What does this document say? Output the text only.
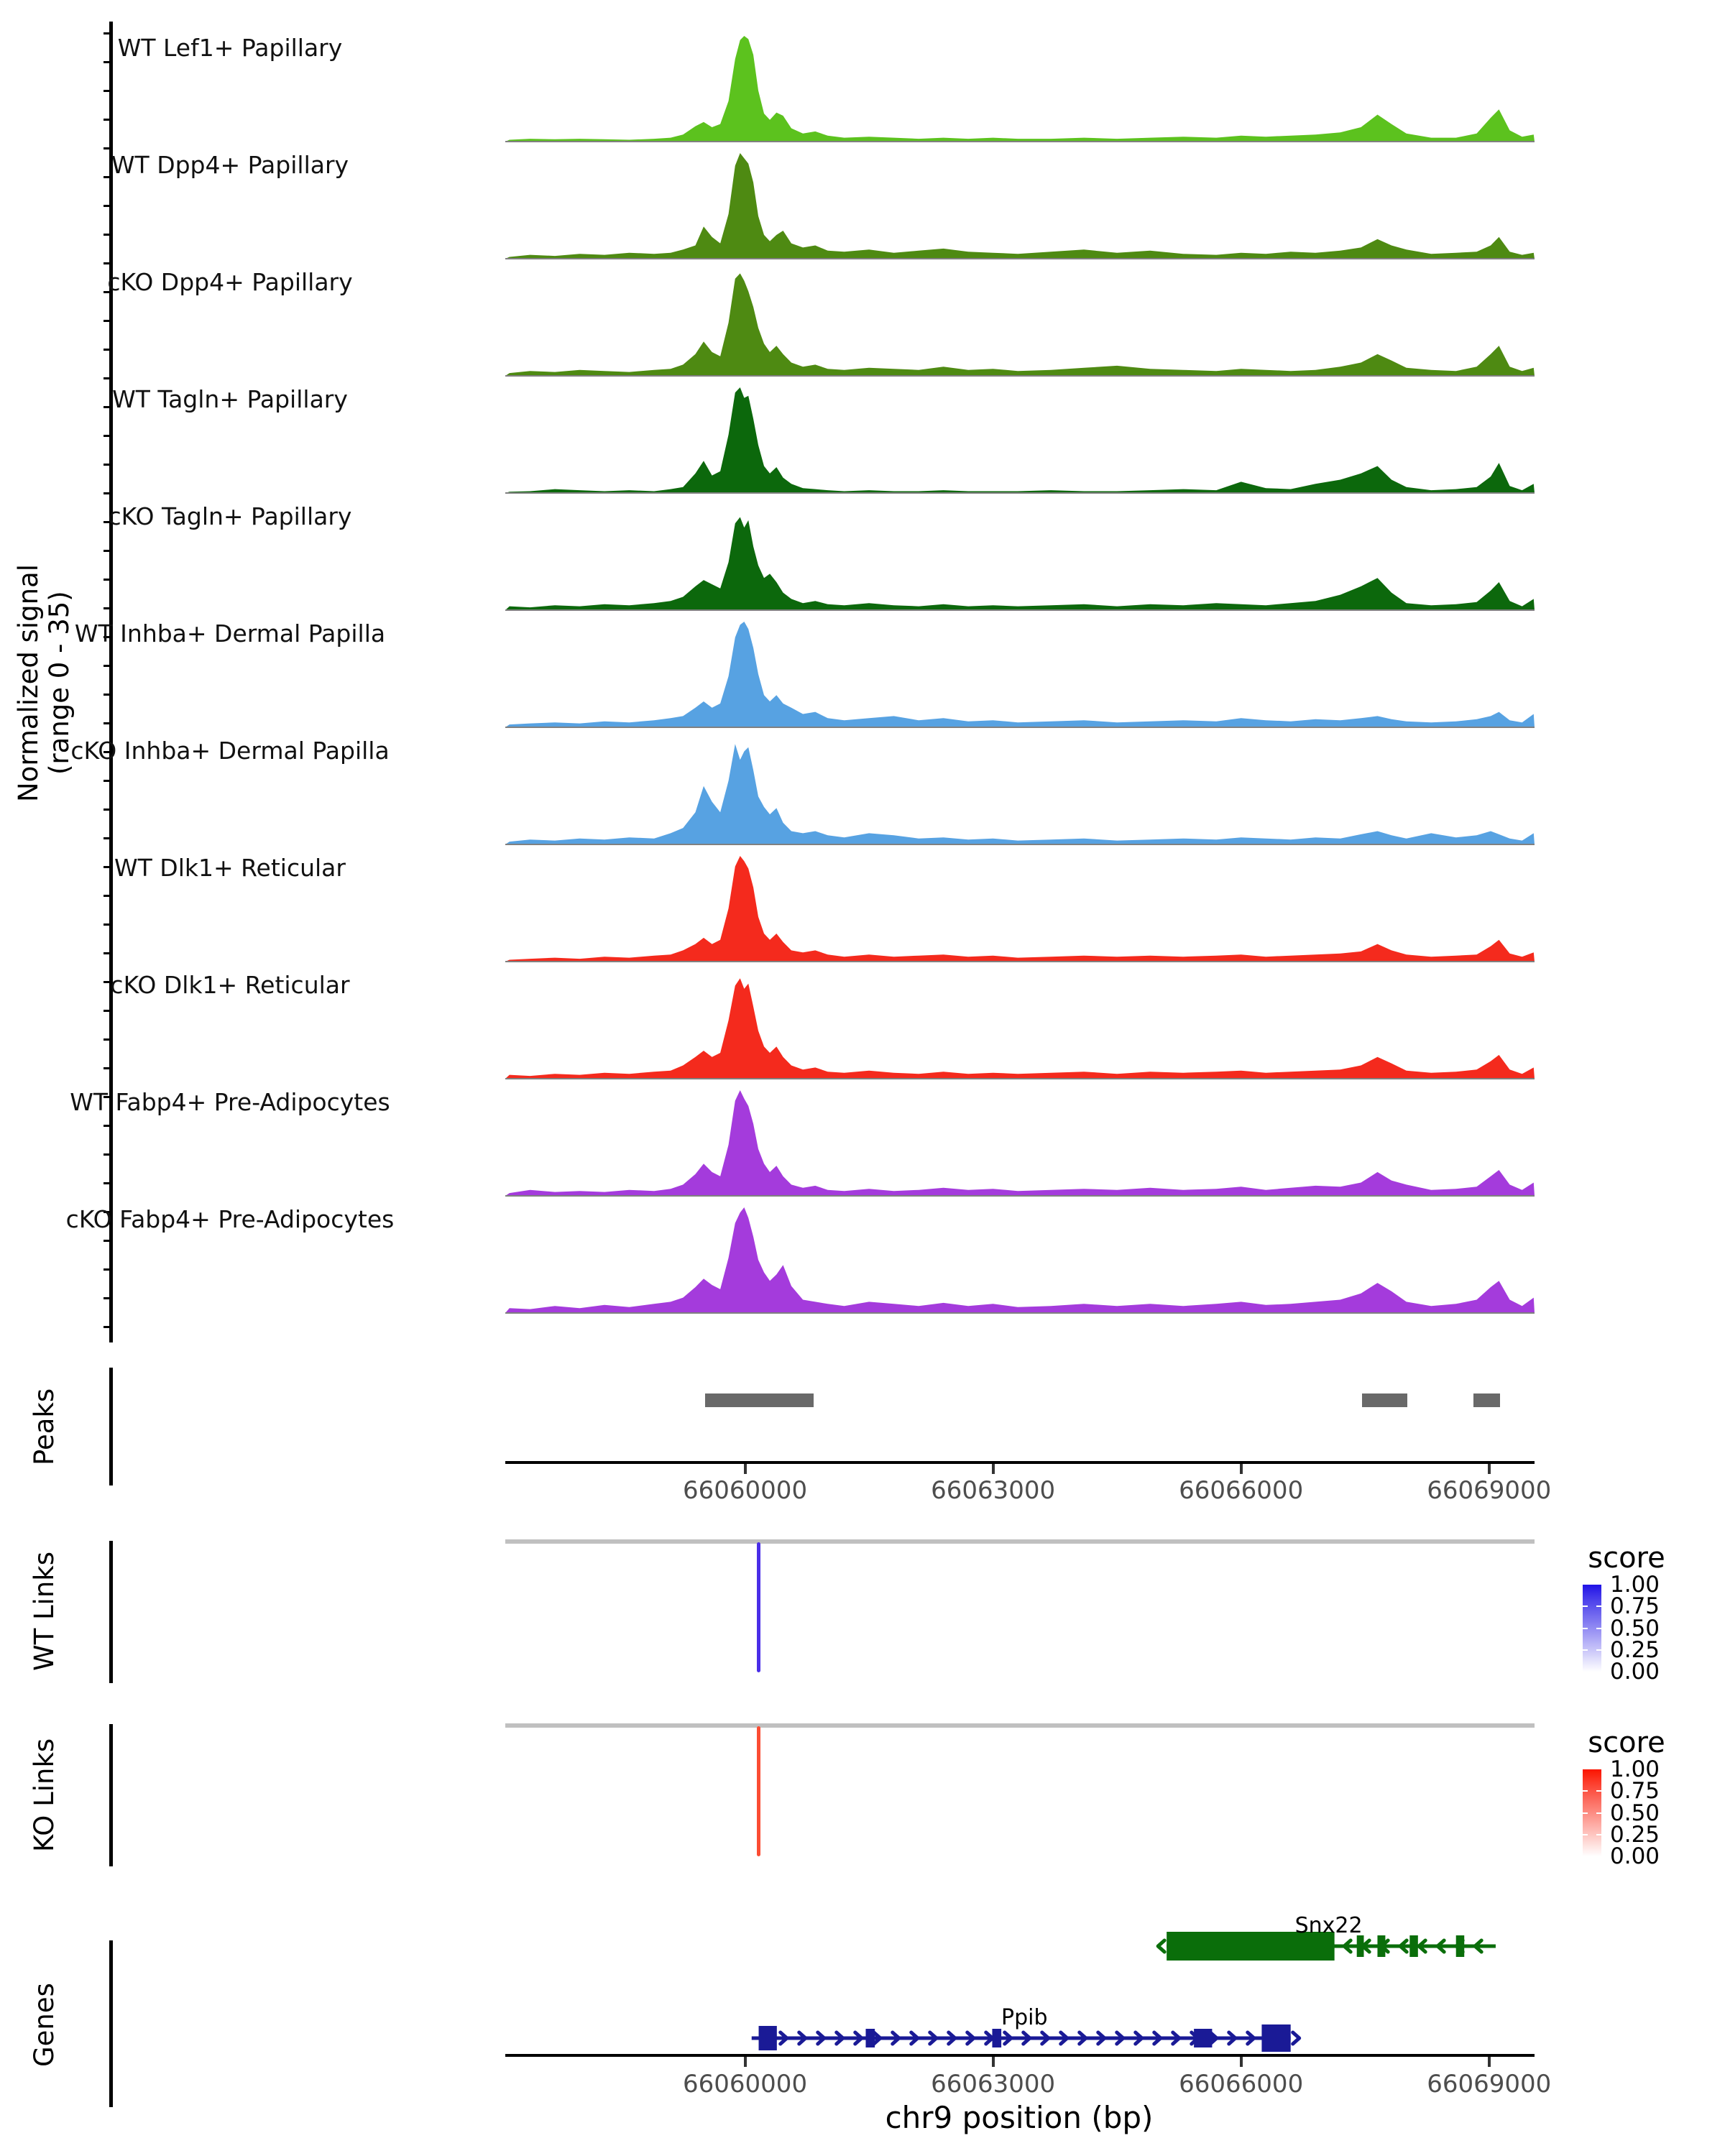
Normalized signal (range 0 - 35)
Peaks
WT Links
KO Links
Genes
WT Lef1+ Papillary
WT Dpp4+ Papillary
cKO Dpp4+ Papillary
WT Tagln+ Papillary
cKO Tagln+ Papillary
WT Inhba+ Dermal Papilla
cKO Inhba+ Dermal Papilla
WT Dlk1+ Reticular
cKO Dlk1+ Reticular
WT Fabp4+ Pre-Adipocytes
cKO Fabp4+ Pre-Adipocytes
66060000	66063000	66066000	66069000
score
1.00
0.75
0.50
0.25
0.00
score
1.00
0.75
0.50
0.25
0.00
Snx22
Ppib
66060000	66063000	66066000	66069000
chr9 position (bp)
